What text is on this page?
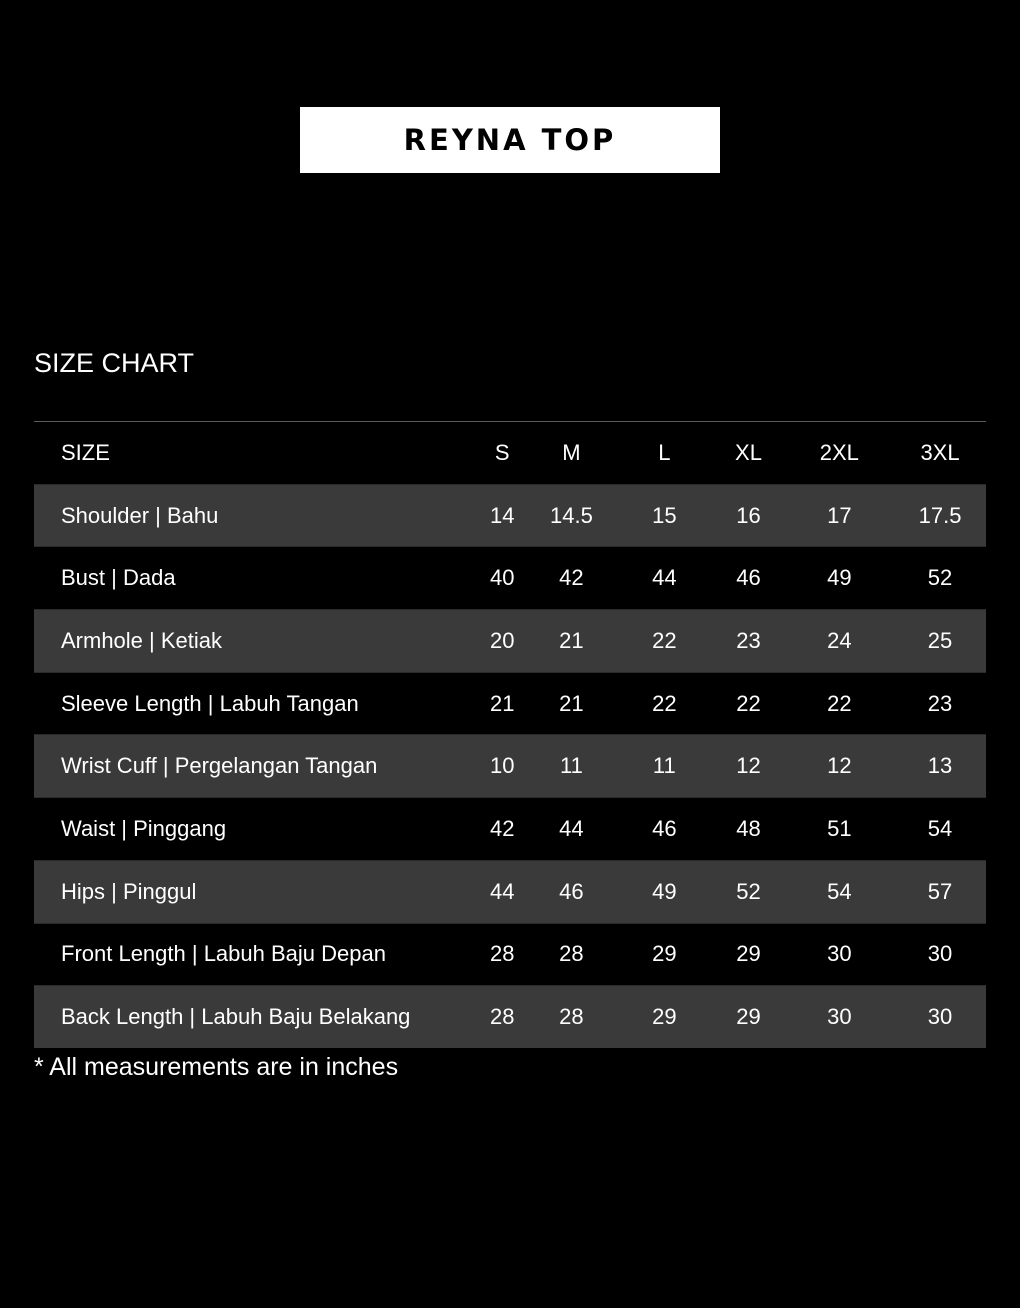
REYNA TOP
SIZE CHART
SIZE	S	M	L	XL	2XL	3XL
Shoulder | Bahu	14	14.5	15	16	17	17.5
Bust | Dada	40	42	44	46	49	52
Armhole | Ketiak	20	21	22	23	24	25
Sleeve Length | Labuh Tangan	21	21	22	22	22	23
Wrist Cuff | Pergelangan Tangan	10	11	11	12	12	13
Waist | Pinggang	42	44	46	48	51	54
Hips | Pinggul	44	46	49	52	54	57
Front Length | Labuh Baju Depan	28	28	29	29	30	30
Back Length | Labuh Baju Belakang	28	28	29	29	30	30

* All measurements are in inches
